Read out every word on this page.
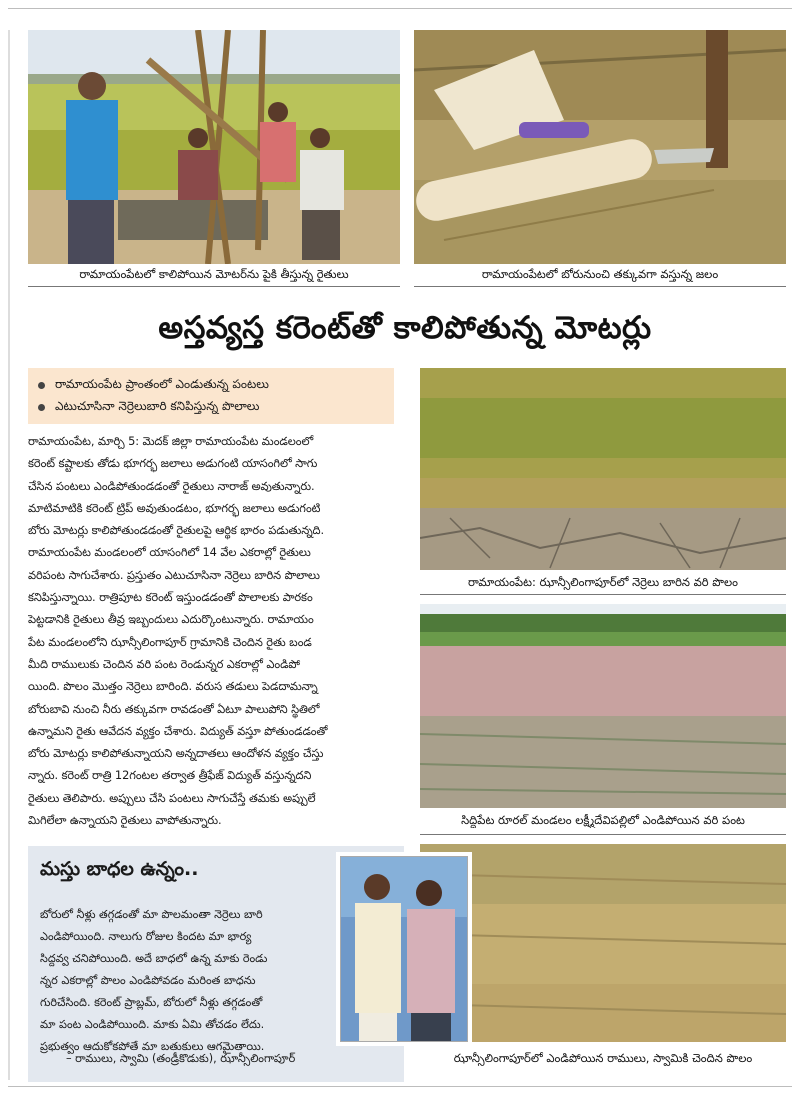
రామాయంపేటలో కాలిపోయిన మోటర్‌ను పైకి తీస్తున్న రైతులు	రామాయంపేటలో బోరునుంచి తక్కువగా వస్తున్న జలం
అస్తవ్యస్త కరెంట్‌తో కాలిపోతున్న మోటర్లు
రామాయంపేట ప్రాంతంలో ఎండుతున్న పంటలు
ఎటుచూసినా నెర్రెలుబారి కనిపిస్తున్న పొలాలు
రామాయంపేట, మార్చి 5: మెదక్ జిల్లా రామాయంపేట మండలంలో
కరెంట్ కష్టాలకు తోడు భూగర్భ జలాలు అడుగంటి యాసంగిలో సాగు
చేసిన పంటలు ఎండిపోతుండడంతో రైతులు నారాజ్ అవుతున్నారు.
మాటిమాటికి కరెంట్ ట్రిప్ అవుతుండటం, భూగర్భ జలాలు అడుగంటి
బోరు మోటర్లు కాలిపోతుండడంతో రైతులపై ఆర్థిక భారం పడుతున్నది.
రామాయంపేట మండలంలో యాసంగిలో 14 వేల ఎకరాల్లో రైతులు
వరిపంట సాగుచేశారు. ప్రస్తుతం ఎటుచూసినా నెర్రెలు బారిన పొలాలు
కనిపిస్తున్నాయి. రాత్రిపూట కరెంట్ ఇస్తుండడంతో పొలాలకు పారకం
పెట్టడానికి రైతులు తీవ్ర ఇబ్బందులు ఎదుర్కొంటున్నారు. రామాయం
పేట మండలంలోని ఝాన్సీలింగాపూర్ గ్రామానికి చెందిన రైతు బండ
మీది రాములుకు చెందిన వరి పంట రెండున్నర ఎకరాల్లో ఎండిపో
యింది. పొలం మొత్తం నెర్రెలు బారింది. వరుస తడులు పెడదామన్నా
బోరుబావి నుంచి నీరు తక్కువగా రావడంతో ఏటూ పాలుపోని స్థితిలో
ఉన్నామని రైతు ఆవేదన వ్యక్తం చేశారు. విద్యుత్ వస్తూ పోతుండడంతో
బోరు మోటర్లు కాలిపోతున్నాయని అన్నదాతలు ఆందోళన వ్యక్తం చేస్తు
న్నారు. కరెంట్ రాత్రి 12గంటల తర్వాత త్రీఫేజ్ విద్యుత్ వస్తున్నదని
రైతులు తెలిపారు. అప్పులు చేసి పంటలు సాగుచేస్తే తమకు అప్పులే
మిగిలేలా ఉన్నాయని రైతులు వాపోతున్నారు.
రామాయంపేట: ఝాన్సీలింగాపూర్‌లో నెర్రెలు బారిన వరి పొలం
సిద్దిపేట రూరల్ మండలం లక్ష్మీదేవిపల్లిలో ఎండిపోయిన వరి పంట
ఝాన్సీలింగాపూర్‌లో ఎండిపోయిన రాములు, స్వామికి చెందిన పొలం
మస్తు బాధల ఉన్నం..
బోరులో నీళ్లు తగ్గడంతో మా పొలమంతా నెర్రెలు బారి
ఎండిపోయింది. నాలుగు రోజుల కిందట మా భార్య
సిద్దవ్వ చనిపోయింది. అదే బాధలో ఉన్న మాకు రెండు
న్నర ఎకరాల్లో పొలం ఎండిపోవడం మరింత బాధను
గురిచేసింది. కరెంట్ ప్రాబ్లమ్, బోరులో నీళ్లు తగ్గడంతో
మా పంట ఎండిపోయింది. మాకు ఏమి తోచడం లేదు.
ప్రభుత్వం ఆదుకోకపోతే మా బతుకులు ఆగమైతాయి.
– రాములు, స్వామి (తండ్రీకొడుకు), ఝాన్సీలింగాపూర్
